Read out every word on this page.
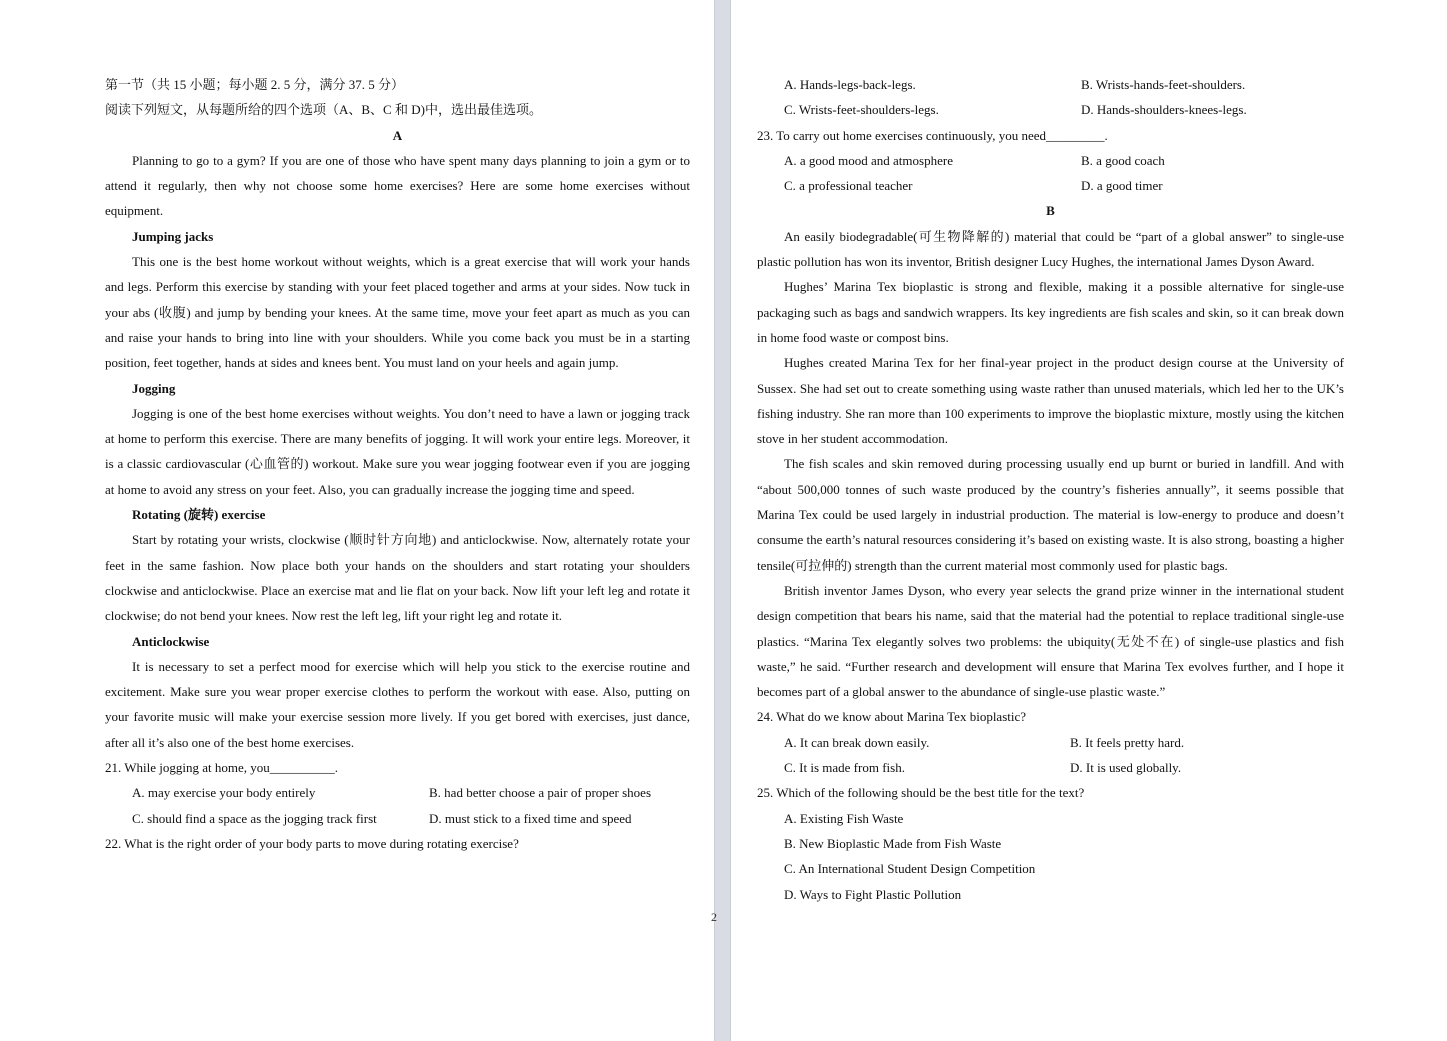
第一节（共 15 小题；每小题 2. 5 分，满分 37. 5 分）

阅读下列短文，从每题所给的四个选项（A、B、C 和 D)中，选出最佳选项。

A

Planning to go to a gym? If you are one of those who have spent many days planning to join a gym or to attend it regularly, then why not choose some home exercises? Here are some home exercises without equipment.

Jumping jacks

This one is the best home workout without weights, which is a great exercise that will work your hands and legs. Perform this exercise by standing with your feet placed together and arms at your sides. Now tuck in your abs (收腹) and jump by bending your knees. At the same time, move your feet apart as much as you can and raise your hands to bring into line with your shoulders. While you come back you must be in a starting position, feet together, hands at sides and knees bent. You must land on your heels and again jump.

Jogging

Jogging is one of the best home exercises without weights. You don’t need to have a lawn or jogging track at home to perform this exercise. There are many benefits of jogging. It will work your entire legs. Moreover, it is a classic cardiovascular (心血管的) workout. Make sure you wear jogging footwear even if you are jogging at home to avoid any stress on your feet. Also, you can gradually increase the jogging time and speed.

Rotating (旋转) exercise

Start by rotating your wrists, clockwise (顺时针方向地) and anticlockwise. Now, alternately rotate your feet in the same fashion. Now place both your hands on the shoulders and start rotating your shoulders clockwise and anticlockwise. Place an exercise mat and lie flat on your back. Now lift your left leg and rotate it clockwise; do not bend your knees. Now rest the left leg, lift your right leg and rotate it.

Anticlockwise

It is necessary to set a perfect mood for exercise which will help you stick to the exercise routine and excitement. Make sure you wear proper exercise clothes to perform the workout with ease. Also, putting on your favorite music will make your exercise session more lively. If you get bored with exercises, just dance, after all it’s also one of the best home exercises.

21. While jogging at home, you__________.

A. may exercise your body entirely	B. had better choose a pair of proper shoes
C. should find a space as the jogging track first	D. must stick to a fixed time and speed

22. What is the right order of your body parts to move during rotating exercise?

2
A. Hands-legs-back-legs.	B. Wrists-hands-feet-shoulders.
C. Wrists-feet-shoulders-legs.	D. Hands-shoulders-knees-legs.

23. To carry out home exercises continuously, you need_________.

A. a good mood and atmosphere	B. a good coach
C. a professional teacher	D. a good timer

B

An easily biodegradable(可生物降解的) material that could be “part of a global answer” to single-use plastic pollution has won its inventor, British designer Lucy Hughes, the international James Dyson Award.

Hughes’ Marina Tex bioplastic is strong and flexible, making it a possible alternative for single-use packaging such as bags and sandwich wrappers. Its key ingredients are fish scales and skin, so it can break down in home food waste or compost bins.

Hughes created Marina Tex for her final-year project in the product design course at the University of Sussex. She had set out to create something using waste rather than unused materials, which led her to the UK’s fishing industry. She ran more than 100 experiments to improve the bioplastic mixture, mostly using the kitchen stove in her student accommodation.

The fish scales and skin removed during processing usually end up burnt or buried in landfill. And with “about 500,000 tonnes of such waste produced by the country’s fisheries annually”, it seems possible that Marina Tex could be used largely in industrial production. The material is low-energy to produce and doesn’t consume the earth’s natural resources considering it’s based on existing waste. It is also strong, boasting a higher tensile(可拉伸的) strength than the current material most commonly used for plastic bags.

British inventor James Dyson, who every year selects the grand prize winner in the international student design competition that bears his name, said that the material had the potential to replace traditional single-use plastics. “Marina Tex elegantly solves two problems: the ubiquity(无处不在) of single-use plastics and fish waste,” he said. “Further research and development will ensure that Marina Tex evolves further, and I hope it becomes part of a global answer to the abundance of single-use plastic waste.”

24. What do we know about Marina Tex bioplastic?

A. It can break down easily.	B. It feels pretty hard.
C. It is made from fish.	D. It is used globally.

25. Which of the following should be the best title for the text?

A. Existing Fish Waste

B. New Bioplastic Made from Fish Waste

C. An International Student Design Competition

D. Ways to Fight Plastic Pollution
